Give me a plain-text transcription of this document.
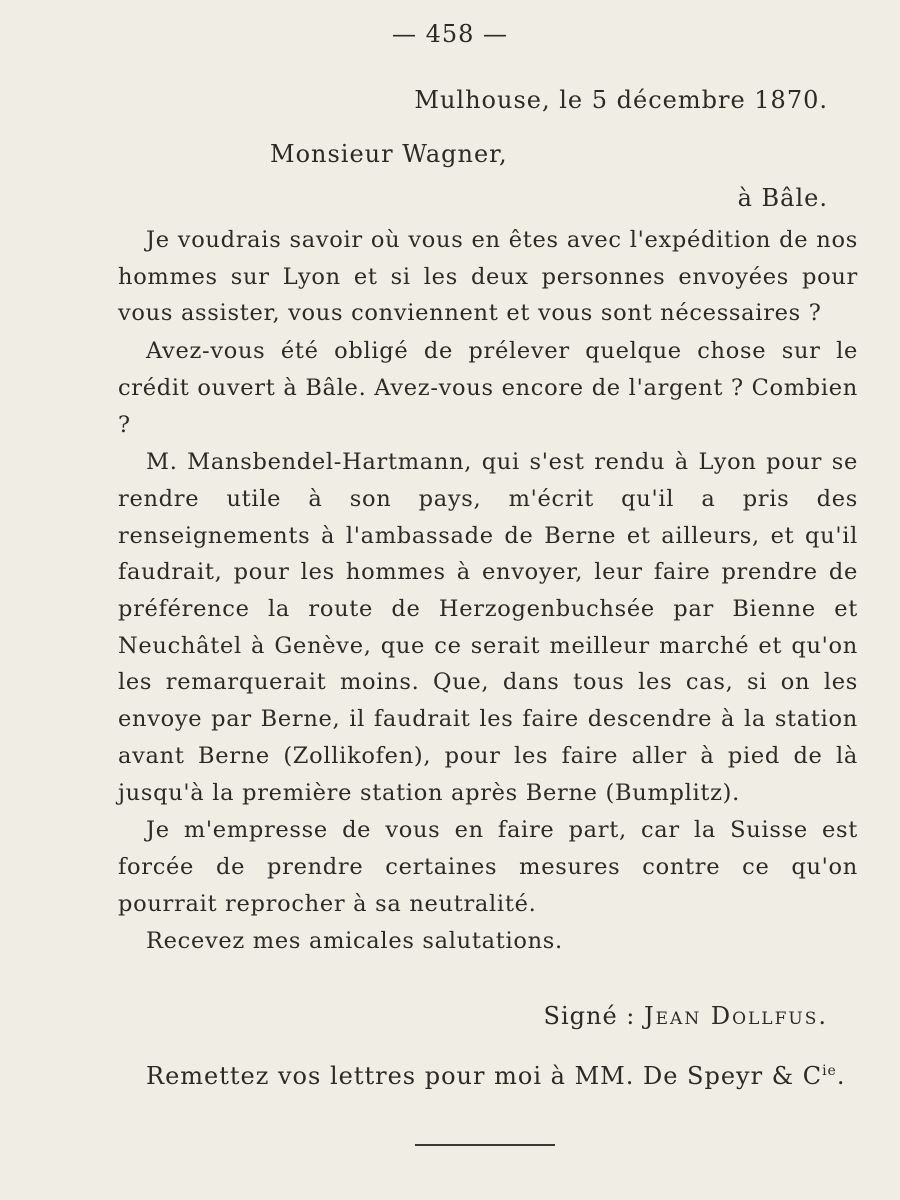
— 458 —
Mulhouse, le 5 décembre 1870.
Monsieur Wagner,
à Bâle.

Je voudrais savoir où vous en êtes avec l'expédition de nos hommes sur Lyon et si les deux personnes envoyées pour vous assister, vous conviennent et vous sont nécessaires ?

Avez-vous été obligé de prélever quelque chose sur le crédit ouvert à Bâle. Avez-vous encore de l'argent ? Combien ?

M. Mansbendel-Hartmann, qui s'est rendu à Lyon pour se rendre utile à son pays, m'écrit qu'il a pris des renseignements à l'ambassade de Berne et ailleurs, et qu'il faudrait, pour les hommes à envoyer, leur faire prendre de préférence la route de Herzogenbuchsée par Bienne et Neuchâtel à Genève, que ce serait meilleur marché et qu'on les remarquerait moins. Que, dans tous les cas, si on les envoye par Berne, il faudrait les faire descendre à la station avant Berne (Zollikofen), pour les faire aller à pied de là jusqu'à la première station après Berne (Bumplitz).

Je m'empresse de vous en faire part, car la Suisse est forcée de prendre certaines mesures contre ce qu'on pourrait reprocher à sa neutralité.

Recevez mes amicales salutations.

Signé : Jean Dollfus.
Remettez vos lettres pour moi à MM. De Speyr & $C^{ie}$.
